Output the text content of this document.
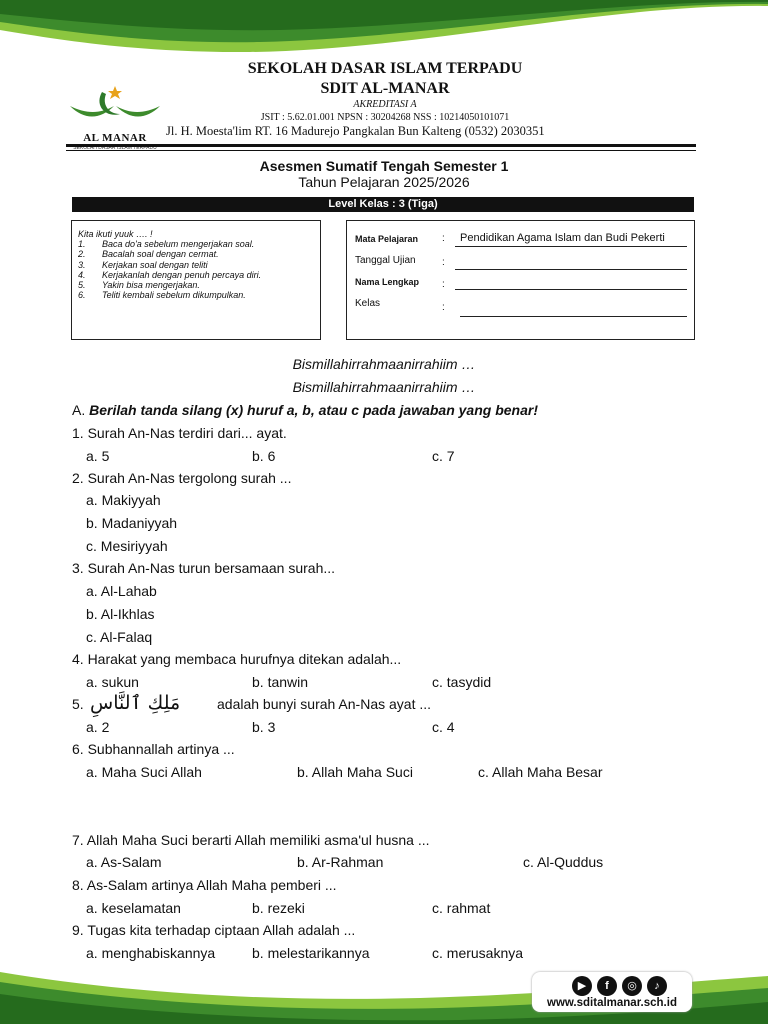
AL MANAR
SEKOLAH DASAR ISLAM TERPADU
SEKOLAH DASAR ISLAM TERPADU
SDIT AL-MANAR
AKREDITASI A
JSIT : 5.62.01.001 NPSN : 30204268 NSS : 10214050101071
Jl. H. Moesta'lim RT. 16 Madurejo Pangkalan Bun Kalteng (0532) 2030351
Asesmen Sumatif Tengah Semester 1
Tahun Pelajaran 2025/2026
Level Kelas : 3 (Tiga)
Kita ikuti yuuk …. !
1. Baca do'a sebelum mengerjakan soal.
2. Bacalah soal dengan cermat.
3. Kerjakan soal dengan teliti
4. Kerjakanlah dengan penuh percaya diri.
5. Yakin bisa mengerjakan.
6. Teliti kembali sebelum dikumpulkan.
Mata Pelajaran : Pendidikan Agama Islam dan Budi Pekerti
Tanggal Ujian	:
Nama Lengkap :
Kelas	:
Bismillahirrahmaanirrahiim …
Bismillahirrahmaanirrahiim …
A. Berilah tanda silang (x) huruf a, b, atau c pada jawaban yang benar!
1. Surah An-Nas terdiri dari... ayat.
a. 5	b. 6	c. 7
2. Surah An-Nas tergolong surah ...
a. Makiyyah
b. Madaniyyah
c. Mesiriyyah
3. Surah An-Nas turun bersamaan surah...
a. Al-Lahab
b. Al-Ikhlas
c. Al-Falaq
4. Harakat yang membaca hurufnya ditekan adalah...
a. sukun	b. tanwin	c. tasydid
5. مَلِكِ ٱلنَّاسِ	adalah bunyi surah An-Nas ayat ...
a. 2	b. 3	c. 4
6. Subhannallah artinya ...
a. Maha Suci Allah	b. Allah Maha Suci	c. Allah Maha Besar
7. Allah Maha Suci berarti Allah memiliki asma'ul husna ...
a. As-Salam	b. Ar-Rahman	c. Al-Quddus
8. As-Salam artinya Allah Maha pemberi ...
a. keselamatan	b. rezeki	c. rahmat
9. Tugas kita terhadap ciptaan Allah adalah ...
a. menghabiskannya	b. melestarikannya	c. merusaknya
▶	f	◎	♪
www.sditalmanar.sch.id
